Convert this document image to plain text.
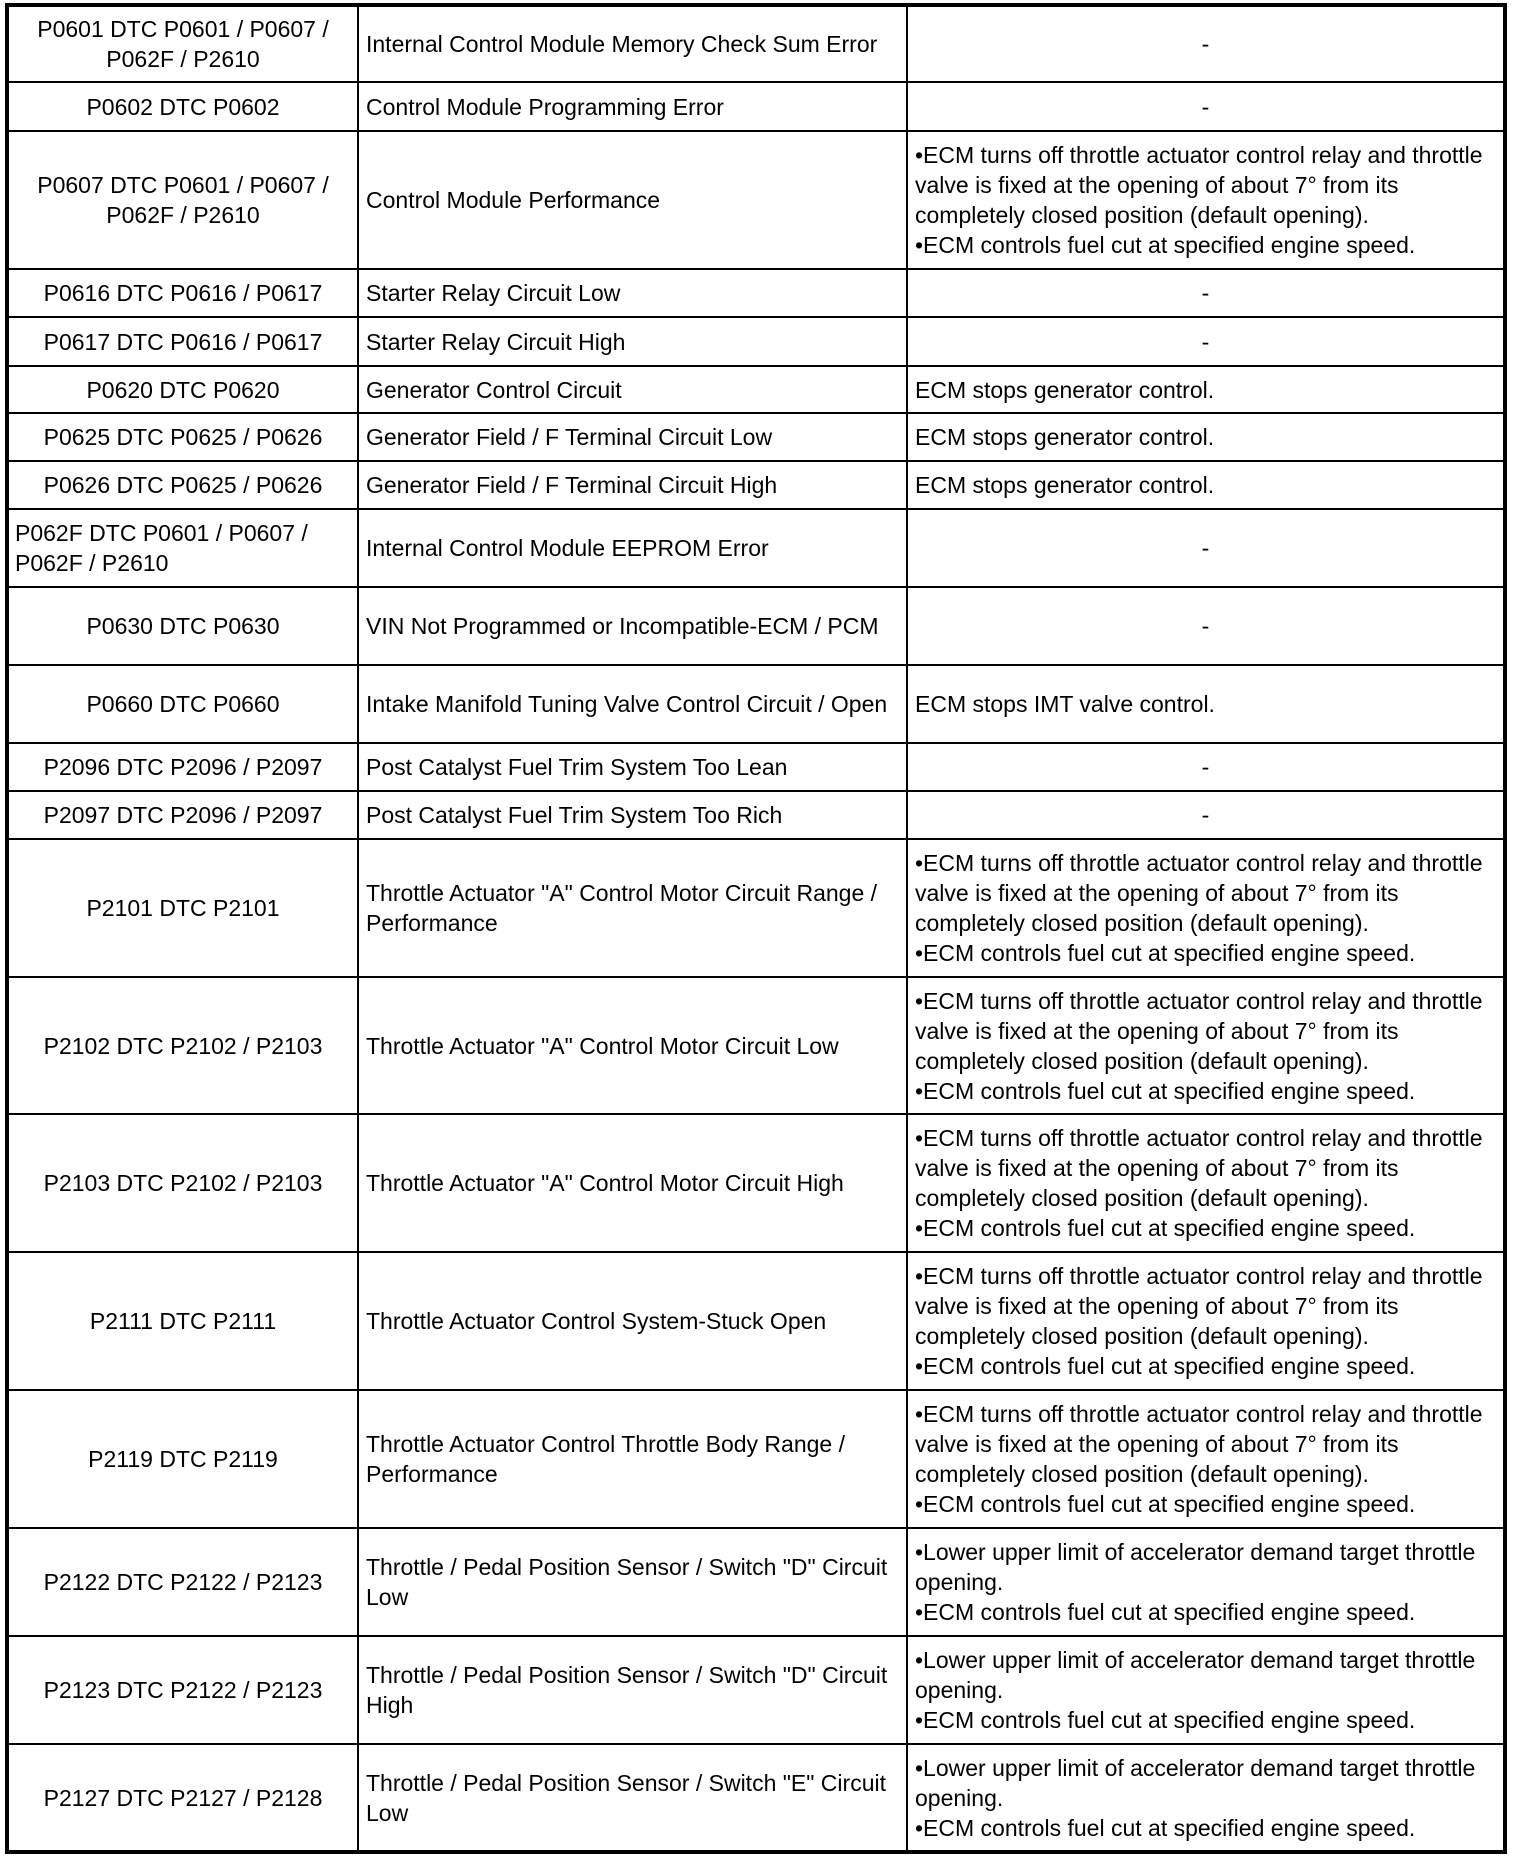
P0601 DTC P0601 / P0607 / P062F / P2610	Internal Control Module Memory Check Sum Error	-

P0602 DTC P0602	Control Module Programming Error	-

P0607 DTC P0601 / P0607 / P062F / P2610	Control Module Performance	•ECM turns off throttle actuator control relay and throttle valve is fixed at the opening of about 7° from its completely closed position (default opening).
•ECM controls fuel cut at specified engine speed.

P0616 DTC P0616 / P0617	Starter Relay Circuit Low	-

P0617 DTC P0616 / P0617	Starter Relay Circuit High	-

P0620 DTC P0620	Generator Control Circuit	ECM stops generator control.

P0625 DTC P0625 / P0626	Generator Field / F Terminal Circuit Low	ECM stops generator control.

P0626 DTC P0625 / P0626	Generator Field / F Terminal Circuit High	ECM stops generator control.

P062F DTC P0601 / P0607 / P062F / P2610	Internal Control Module EEPROM Error	-

P0630 DTC P0630	VIN Not Programmed or Incompatible-ECM / PCM	-

P0660 DTC P0660	Intake Manifold Tuning Valve Control Circuit / Open	ECM stops IMT valve control.

P2096 DTC P2096 / P2097	Post Catalyst Fuel Trim System Too Lean	-

P2097 DTC P2096 / P2097	Post Catalyst Fuel Trim System Too Rich	-

P2101 DTC P2101	Throttle Actuator "A" Control Motor Circuit Range / Performance	•ECM turns off throttle actuator control relay and throttle valve is fixed at the opening of about 7° from its completely closed position (default opening).
•ECM controls fuel cut at specified engine speed.

P2102 DTC P2102 / P2103	Throttle Actuator "A" Control Motor Circuit Low	•ECM turns off throttle actuator control relay and throttle valve is fixed at the opening of about 7° from its completely closed position (default opening).
•ECM controls fuel cut at specified engine speed.

P2103 DTC P2102 / P2103	Throttle Actuator "A" Control Motor Circuit High	•ECM turns off throttle actuator control relay and throttle valve is fixed at the opening of about 7° from its completely closed position (default opening).
•ECM controls fuel cut at specified engine speed.

P2111 DTC P2111	Throttle Actuator Control System-Stuck Open	•ECM turns off throttle actuator control relay and throttle valve is fixed at the opening of about 7° from its completely closed position (default opening).
•ECM controls fuel cut at specified engine speed.

P2119 DTC P2119	Throttle Actuator Control Throttle Body Range / Performance	•ECM turns off throttle actuator control relay and throttle valve is fixed at the opening of about 7° from its completely closed position (default opening).
•ECM controls fuel cut at specified engine speed.

P2122 DTC P2122 / P2123	Throttle / Pedal Position Sensor / Switch "D" Circuit Low	•Lower upper limit of accelerator demand target throttle opening.
•ECM controls fuel cut at specified engine speed.

P2123 DTC P2122 / P2123	Throttle / Pedal Position Sensor / Switch "D" Circuit High	•Lower upper limit of accelerator demand target throttle opening.
•ECM controls fuel cut at specified engine speed.

P2127 DTC P2127 / P2128	Throttle / Pedal Position Sensor / Switch "E" Circuit Low	•Lower upper limit of accelerator demand target throttle opening.
•ECM controls fuel cut at specified engine speed.
